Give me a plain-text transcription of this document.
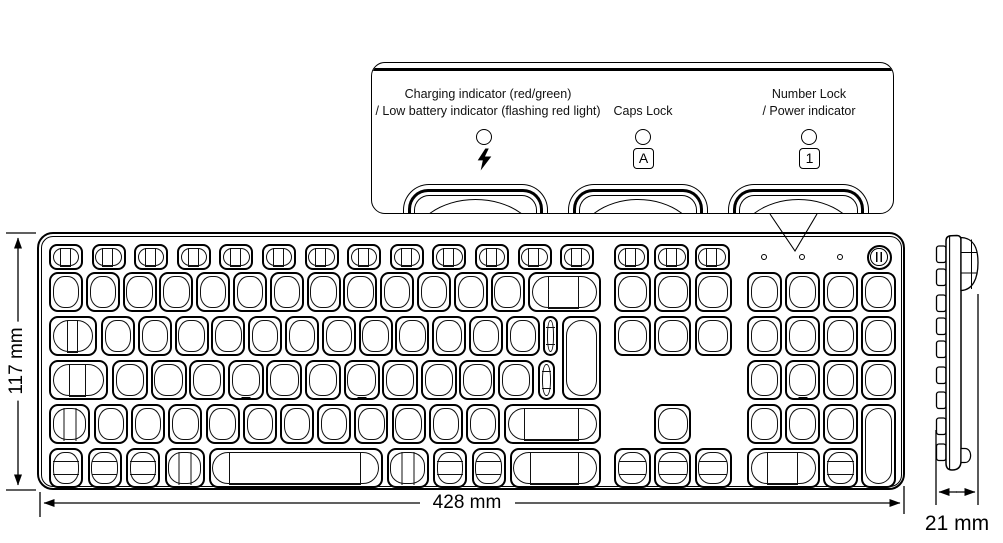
Charging indicator (red/green)
/ Low battery indicator (flashing red light) Caps Lock
Number Lock
/ Power indicator
A	1
428 mm
117 mm
21 mm
